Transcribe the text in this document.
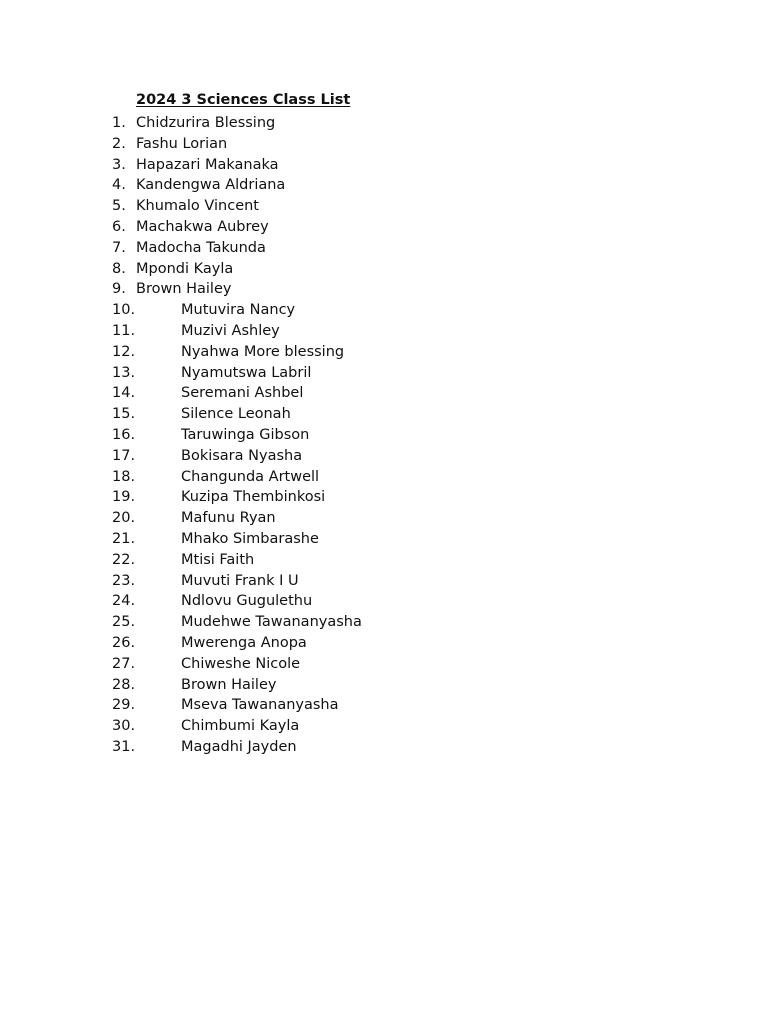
2024 3 Sciences Class List
1. Chidzurira Blessing
2. Fashu Lorian
3. Hapazari Makanaka
4. Kandengwa Aldriana
5. Khumalo Vincent
6. Machakwa Aubrey
7. Madocha Takunda
8. Mpondi Kayla
9. Brown Hailey
10.	Mutuvira Nancy
11.	Muzivi Ashley
12.	Nyahwa More blessing
13.	Nyamutswa Labril
14.	Seremani Ashbel
15.	Silence Leonah
16.	Taruwinga Gibson
17.	Bokisara Nyasha
18.	Changunda Artwell
19.	Kuzipa Thembinkosi
20.	Mafunu Ryan
21.	Mhako Simbarashe
22.	Mtisi Faith
23.	Muvuti Frank I U
24.	Ndlovu Gugulethu
25.	Mudehwe Tawananyasha
26.	Mwerenga Anopa
27.	Chiweshe Nicole
28.	Brown Hailey
29.	Mseva Tawananyasha
30.	Chimbumi Kayla
31.	Magadhi Jayden
